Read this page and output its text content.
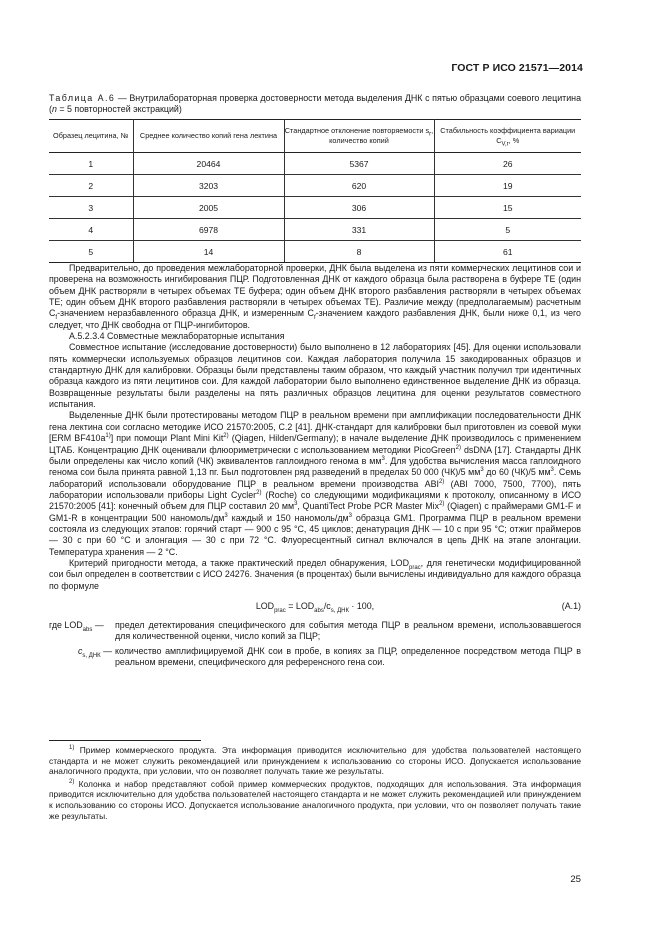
ГОСТ Р ИСО 21571—2014
Таблица А.6 — Внутрилабораторная проверка достоверности метода выделения ДНК с пятью образцами соевого лецитина (n = 5 повторностей экстракций)
Образец лецитина, №	Среднее количество копий гена лектина	Стандартное отклонение повторяемости $s_r$, количество копий	Стабильность коэффициента вариации $C_{V,r}$, %
1	20464	5367	26
2	3203	620	19
3	2005	306	15
4	6978	331	5
5	14	8	61

Предварительно, до проведения межлабораторной проверки, ДНК была выделена из пяти коммерческих лецитинов сои и проверена на возможность ингибирования ПЦР. Подготовленная ДНК от каждого образца была растворена в буфере ТЕ (один объем ДНК растворяли в четырех объемах ТЕ буфера; один объем ДНК второго разбавления растворяли в четырех объемах ТЕ; один объем ДНК второго разбавления растворяли в четырех объемах ТЕ). Различие между (предполагаемым) расчетным $C_f$-значением неразбавленного образца ДНК, и измеренным $C_f$-значением каждого разбавления ДНК, были ниже 0,1, из чего следует, что ДНК свободна от ПЦР-ингибиторов.

А.5.2.3.4 Совместные межлабораторные испытания

Совместное испытание (исследование достоверности) было выполнено в 12 лабораториях [45]. Для оценки использовали пять коммерчески используемых образцов лецитинов сои. Каждая лаборатория получила 15 закодированных образцов и стандартную ДНК для калибровки. Образцы были представлены таким образом, что каждый участник получил три идентичных образца каждого из пяти лецитинов сои. Для каждой лаборатории было выполнено единственное выделение ДНК из образца. Возвращенные результаты были разделены на пять различных образцов лецитина для оценки результатов совместного испытания.

Выделенные ДНК были протестированы методом ПЦР в реальном времени при амплификации последовательности ДНК гена лектина сои согласно методике ИСО 21570:2005, С.2 [41]. ДНК-стандарт для калибровки был приготовлен из соевой муки [ERM $BF410a^{1)}$] при помощи Plant Mini Kit$^{2)}$ (Qiagen, Hilden/Germany); в начале выделение ДНК производилось с применением ЦТАБ. Концентрацию ДНК оценивали флюориметрически с использованием методики PicoGreen$^{2)}$ dsDNA [17]. Стандарты ДНК были определены как число копий (ЧК) эквивалентов гаплоидного генома в $мм^3$. Для удобства вычисления масса гаплоидного генома сои была принята равной 1,13 пг. Был подготовлен ряд разведений в пределах 50 000 (ЧК)/5 $мм^3$ до 60 (ЧК)/5 $мм^3$. Семь лабораторий использовали оборудование ПЦР в реальном времени производства ABI$^{2)}$ (ABI 7000, 7500, 7700), пять лаборатории использовали приборы Light Cycler$^{2)}$ (Roche) со следующими модификациями к протоколу, описанному в ИСО 21570:2005 [41]: конечный объем для ПЦР составил 20 $мм^3$, QuantiTect Probe PCR Master Mix$^{2)}$ (Qiagen) с праймерами GM1-F и GM1-R в концентрации 500 наномоль/$дм^3$ каждый и 150 наномоль/$дм^3$ образца GM1. Программа ПЦР в реальном времени состояла из следующих этапов: горячий старт — 900 с 95 °С, 45 циклов; денатурация ДНК — 10 с при 95 °С; отжиг праймеров — 30 с при 60 °С и элонгация — 30 с при 72 °С. Флуоресцентный сигнал включался в цепь ДНК на этапе элонгации. Температура хранения — 2 °С.

Критерий пригодности метода, а также практический предел обнаружения, $LOD_{prac}$, для генетически модифицированной сои был определен в соответствии с ИСО 24276. Значения (в процентах) были вычислены индивидуально для каждого образца по формуле

$LOD_{prac} = LOD_{abs}/c_{s, ДНК} \cdot 100$,	(А.1)
где $LOD_{abs}$ —	предел детектирования специфического для события метода ПЦР в реальном времени, использовавшегося для количественной оценки, число копий за ПЦР;
$c_{s, ДНК}$ — количество амплифицируемой ДНК сои в пробе, в копиях за ПЦР, определенное посредством метода ПЦР в реальном времени, специфического для референсного гена сои.

$^{1)}$ Пример коммерческого продукта. Эта информация приводится исключительно для удобства пользователей настоящего стандарта и не может служить рекомендацией или принуждением к использованию со стороны ИСО. Допускается использование аналогичного продукта, при условии, что он позволяет получать такие же результаты.

$^{2)}$ Колонка и набор представляют собой пример коммерческих продуктов, подходящих для использования. Эта информация приводится исключительно для удобства пользователей настоящего стандарта и не может служить рекомендацией или принуждением к использованию со стороны ИСО. Допускается использование аналогичного продукта, при условии, что он позволяет получать такие же результаты.

25
